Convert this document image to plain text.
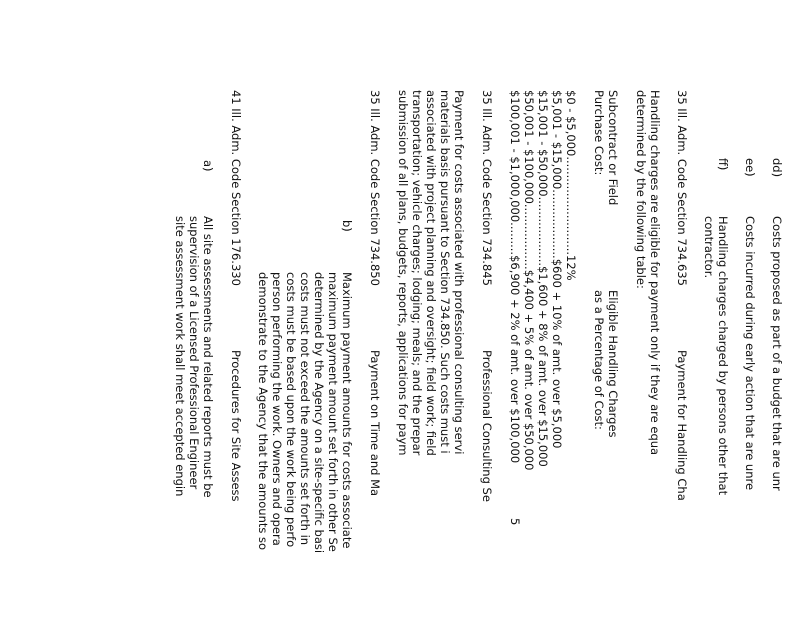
dd)
Costs proposed as part of a budget that are unr
ee)
Costs incurred during early action that are unre
ff)
Handling charges charged by persons other that
contractor.
35 Ill. Adm. Code Section 734.635
Payment for Handling Cha
Handling charges are eligible for payment only if they are equa
determined by the following table:
Subcontract or Field
Purchase Cost:
Eligible Handling Charges
as a Percentage of Cost:
$0 - $5,000...........................12%
$5,001 - $15,000...................$600 + 10% of amt. over $5,000
$15,001 - $50,000...................$1,600 + 8% of amt. over $15,000
$50,001 - $100,000..................$4,400 + 5% of amt. over $50,000
$100,001 - $1,000,000.........$6,900 + 2% of amt. over $100,000
35 Ill. Adm. Code Section 734.845
Professional Consulting Se
Payment for costs associated with professional consulting servi
materials basis pursuant to Section 734.850. Such costs must i
associated with project planning and oversight; field work; field
transportation; vehicle charges; lodging; meals; and the prepar
submission of all plans, budgets, reports, applications for paym
35 Ill. Adm. Code Section 734.850
Payment on Time and Ma
b)
Maximum payment amounts for costs associate
maximum payment amount set forth in other Se
determined by the Agency on a site-specific basi
costs must not exceed the amounts set forth in
costs must be based upon the work being perfo
person performing the work. Owners and opera
demonstrate to the Agency that the amounts so
41 Ill. Adm. Code Section 176.330
Procedures for Site Assess
a)
All site assessments and related reports must be
supervision of a Licensed Professional Engineer
site assessment work shall meet accepted engin
5
